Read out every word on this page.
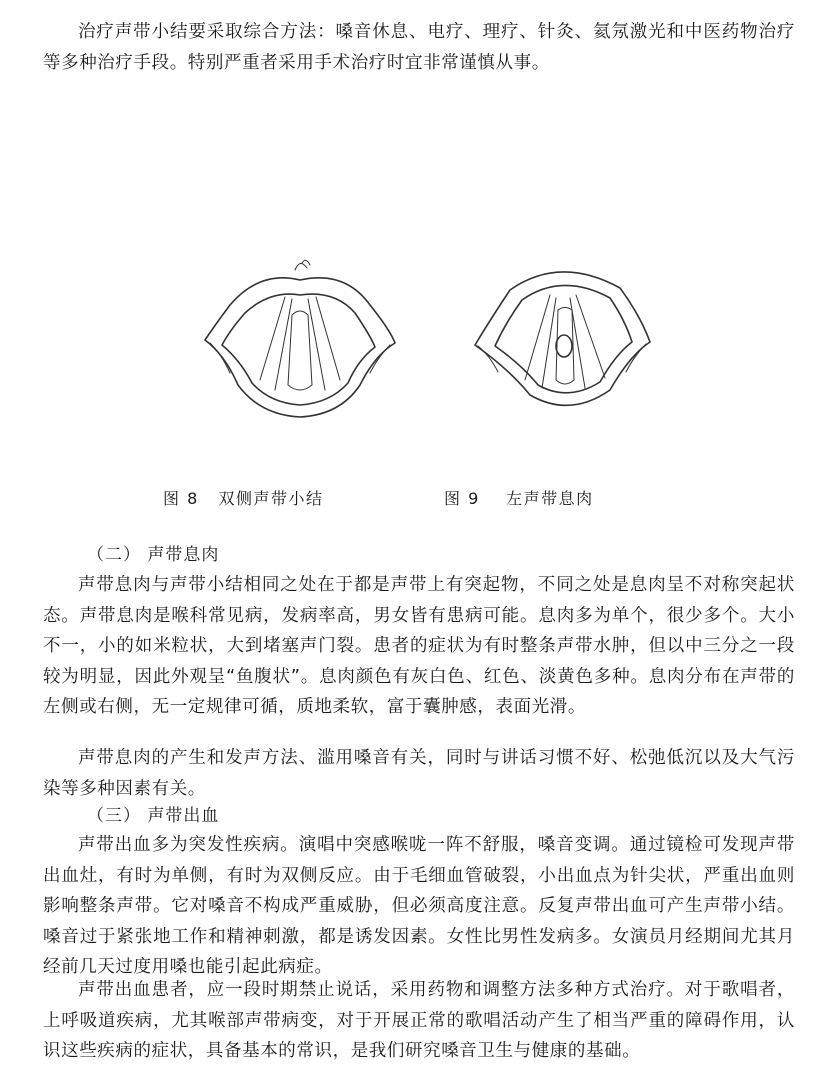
治疗声带小结要采取综合方法：嗓音休息、电疗、理疗、针灸、氦氖激光和中医药物治疗等多种治疗手段。特别严重者采用手术治疗时宜非常谨慎从事。

图 8   双侧声带小结	图 9    左声带息肉
（二） 声带息肉

声带息肉与声带小结相同之处在于都是声带上有突起物，不同之处是息肉呈不对称突起状态。声带息肉是喉科常见病，发病率高，男女皆有患病可能。息肉多为单个，很少多个。大小不一，小的如米粒状，大到堵塞声门裂。患者的症状为有时整条声带水肿，但以中三分之一段较为明显，因此外观呈“鱼腹状”。息肉颜色有灰白色、红色、淡黄色多种。息肉分布在声带的左侧或右侧，无一定规律可循，质地柔软，富于囊肿感，表面光滑。

声带息肉的产生和发声方法、滥用嗓音有关，同时与讲话习惯不好、松弛低沉以及大气污染等多种因素有关。

（三） 声带出血

声带出血多为突发性疾病。演唱中突感喉咙一阵不舒服，嗓音变调。通过镜检可发现声带出血灶，有时为单侧，有时为双侧反应。由于毛细血管破裂，小出血点为针尖状，严重出血则影响整条声带。它对嗓音不构成严重威胁，但必须高度注意。反复声带出血可产生声带小结。嗓音过于紧张地工作和精神刺激，都是诱发因素。女性比男性发病多。女演员月经期间尤其月经前几天过度用嗓也能引起此病症。

声带出血患者，应一段时期禁止说话，采用药物和调整方法多种方式治疗。对于歌唱者，上呼吸道疾病，尤其喉部声带病变，对于开展正常的歌唱活动产生了相当严重的障碍作用，认识这些疾病的症状，具备基本的常识，是我们研究嗓音卫生与健康的基础。
